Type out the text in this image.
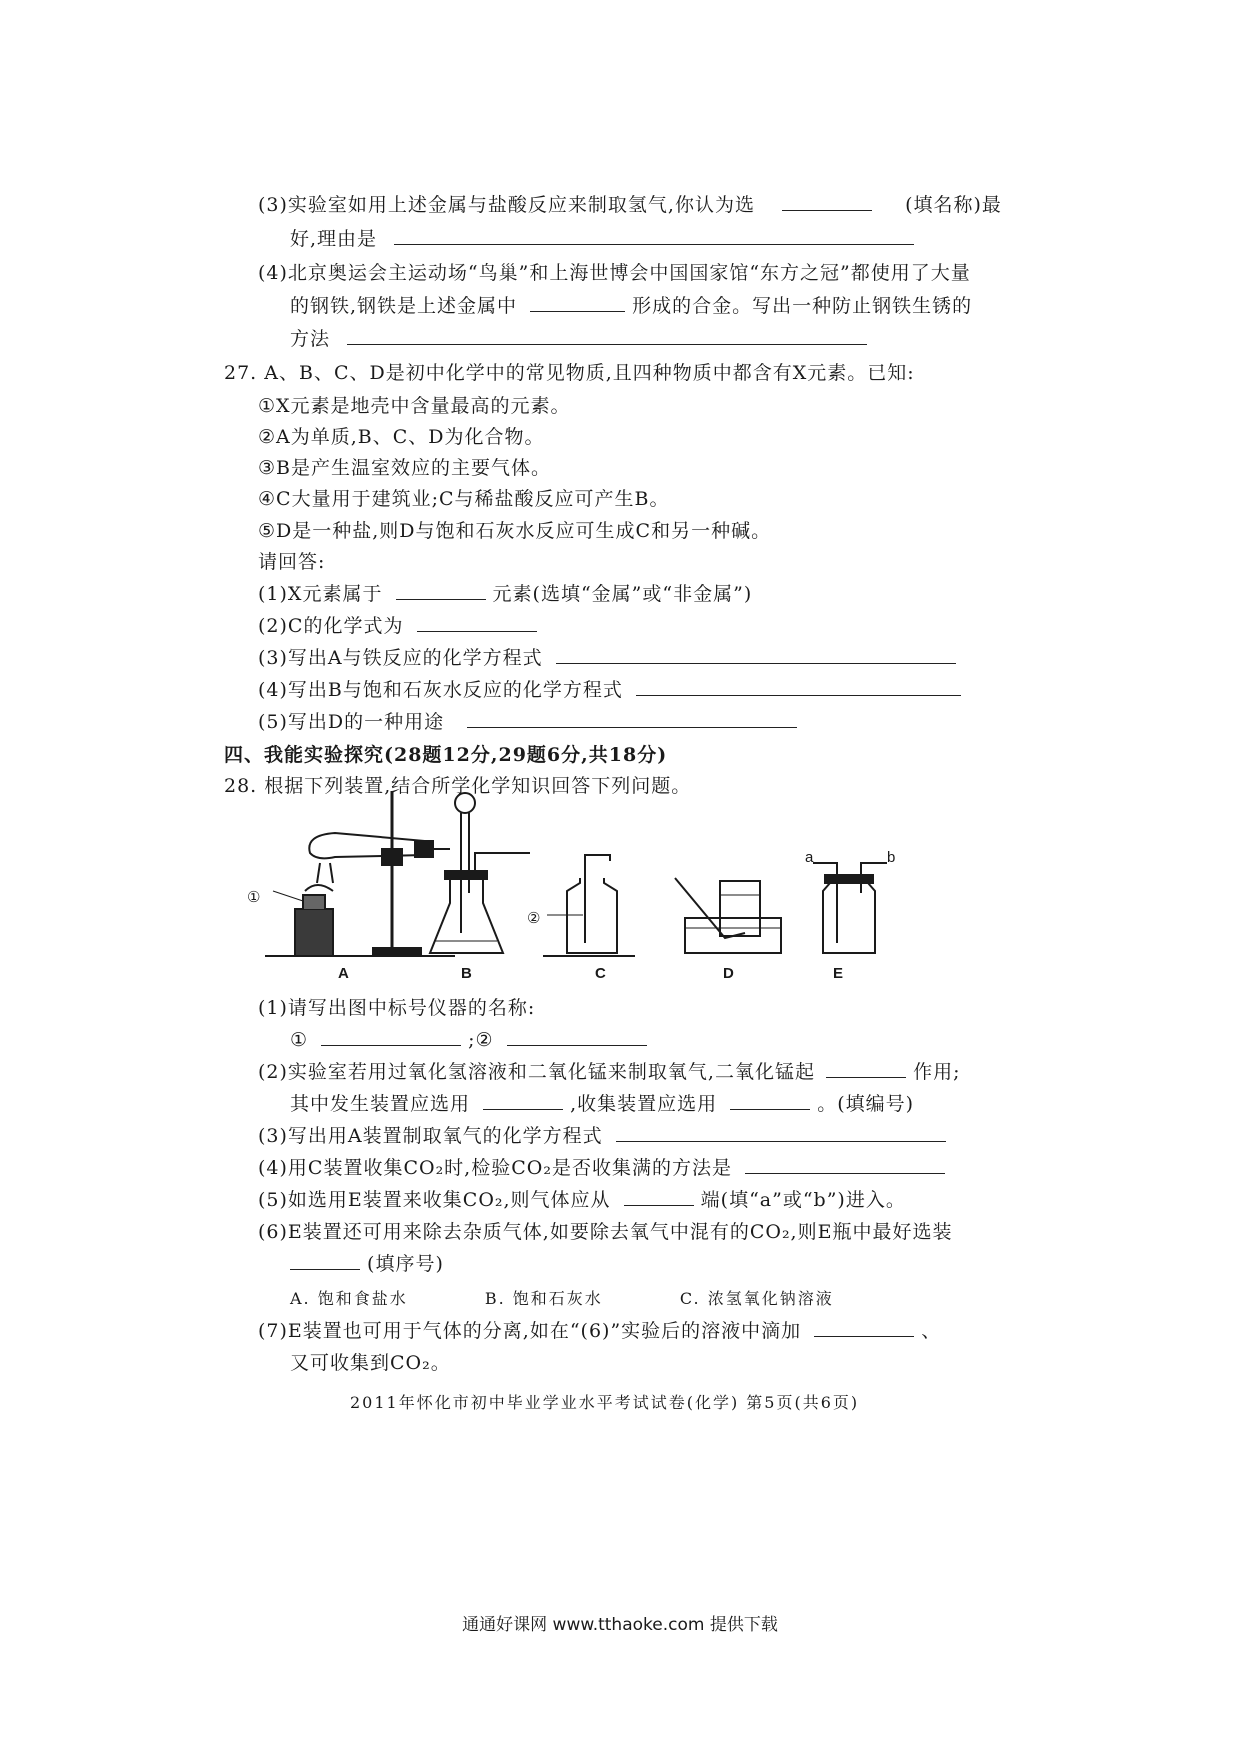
(3)实验室如用上述金属与盐酸反应来制取氢气,你认为选	(填名称)最
好,理由是
(4)北京奥运会主运动场“鸟巢”和上海世博会中国国家馆“东方之冠”都使用了大量
的钢铁,钢铁是上述金属中	形成的合金。写出一种防止钢铁生锈的
方法
27. A、B、C、D是初中化学中的常见物质,且四种物质中都含有X元素。已知:
①X元素是地壳中含量最高的元素。
②A为单质,B、C、D为化合物。
③B是产生温室效应的主要气体。
④C大量用于建筑业;C与稀盐酸反应可产生B。
⑤D是一种盐,则D与饱和石灰水反应可生成C和另一种碱。
请回答:
(1)X元素属于	元素(选填“金属”或“非金属”)
(2)C的化学式为
(3)写出A与铁反应的化学方程式
(4)写出B与饱和石灰水反应的化学方程式
(5)写出D的一种用途
四、我能实验探究(28题12分,29题6分,共18分)
28. 根据下列装置,结合所学化学知识回答下列问题。
①
②
a	b
A	B	C	D	E
(1)请写出图中标号仪器的名称:
①	;②
(2)实验室若用过氧化氢溶液和二氧化锰来制取氧气,二氧化锰起	作用;
其中发生装置应选用	,收集装置应选用	。(填编号)
(3)写出用A装置制取氧气的化学方程式
(4)用C装置收集CO₂时,检验CO₂是否收集满的方法是
(5)如选用E装置来收集CO₂,则气体应从	端(填“a”或“b”)进入。
(6)E装置还可用来除去杂质气体,如要除去氧气中混有的CO₂,则E瓶中最好选装
(填序号)
A. 饱和食盐水	B. 饱和石灰水	C. 浓氢氧化钠溶液
(7)E装置也可用于气体的分离,如在“(6)”实验后的溶液中滴加	、
又可收集到CO₂。
2011年怀化市初中毕业学业水平考试试卷(化学) 第5页(共6页)
通通好课网 www.tthaoke.com 提供下载
